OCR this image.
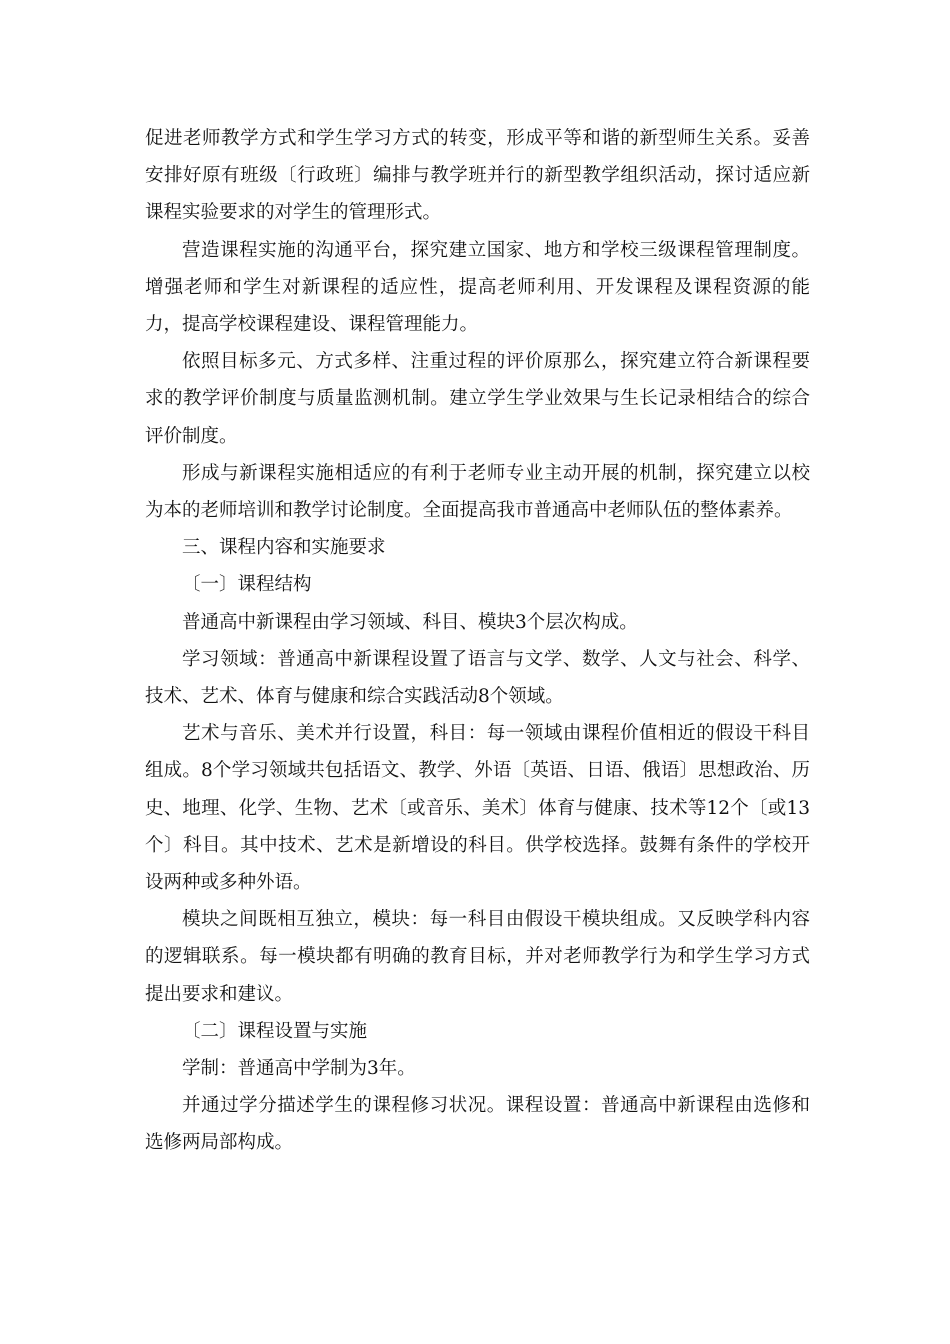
促进老师教学方式和学生学习方式的转变，形成平等和谐的新型师生关系。妥善安排好原有班级〔行政班〕编排与教学班并行的新型教学组织活动，探讨适应新课程实验要求的对学生的管理形式。

营造课程实施的沟通平台，探究建立国家、地方和学校三级课程管理制度。增强老师和学生对新课程的适应性，提高老师利用、开发课程及课程资源的能力，提高学校课程建设、课程管理能力。

依照目标多元、方式多样、注重过程的评价原那么，探究建立符合新课程要求的教学评价制度与质量监测机制。建立学生学业效果与生长记录相结合的综合评价制度。

形成与新课程实施相适应的有利于老师专业主动开展的机制，探究建立以校为本的老师培训和教学讨论制度。全面提高我市普通高中老师队伍的整体素养。

三、课程内容和实施要求

〔一〕课程结构

普通高中新课程由学习领域、科目、模块3个层次构成。

学习领域：普通高中新课程设置了语言与文学、数学、人文与社会、科学、技术、艺术、体育与健康和综合实践活动8个领域。

艺术与音乐、美术并行设置，科目：每一领域由课程价值相近的假设干科目组成。8个学习领域共包括语文、教学、外语〔英语、日语、俄语〕思想政治、历史、地理、化学、生物、艺术〔或音乐、美术〕体育与健康、技术等12个〔或13个〕科目。其中技术、艺术是新增设的科目。供学校选择。鼓舞有条件的学校开设两种或多种外语。

模块之间既相互独立，模块：每一科目由假设干模块组成。又反映学科内容的逻辑联系。每一模块都有明确的教育目标，并对老师教学行为和学生学习方式提出要求和建议。

〔二〕课程设置与实施

学制：普通高中学制为3年。

并通过学分描述学生的课程修习状况。课程设置：普通高中新课程由选修和选修两局部构成。
